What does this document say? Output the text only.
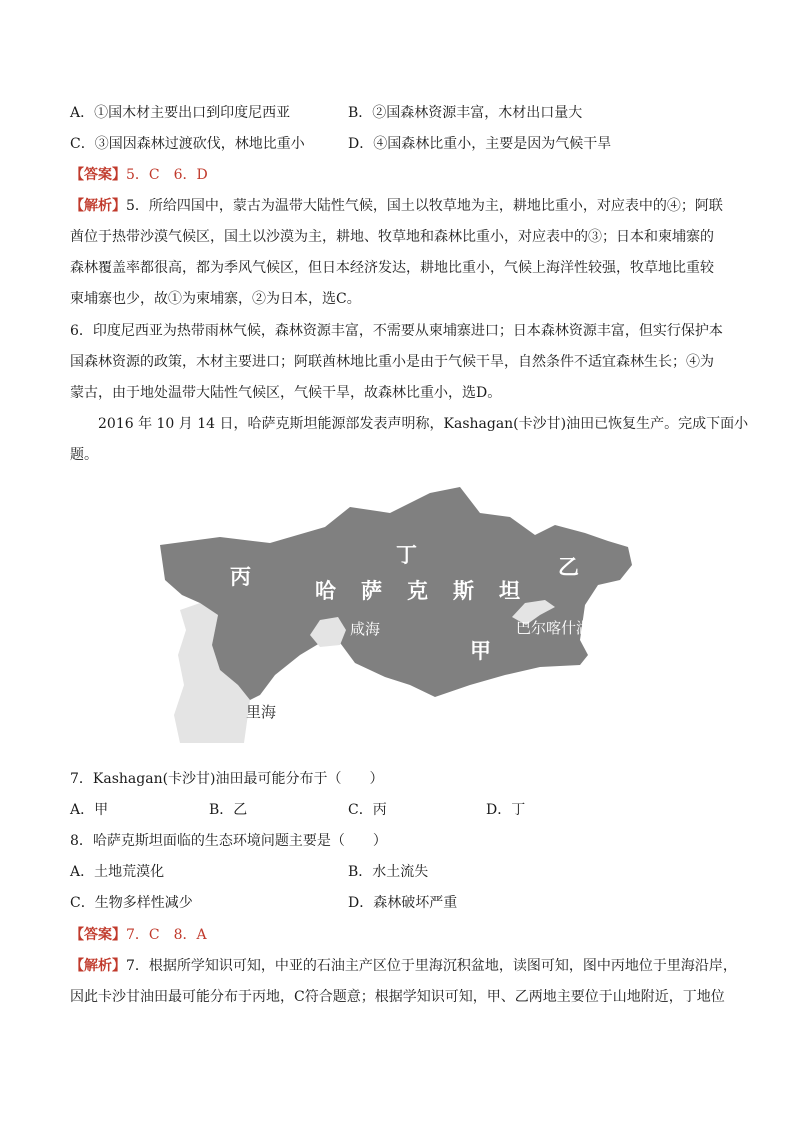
A．①国木材主要出口到印度尼西亚	B．②国森林资源丰富，木材出口量大
C．③国因森林过渡砍伐，林地比重小	D．④国森林比重小，主要是因为气候干旱
【答案】5．C　6．D
【解析】5．所给四国中，蒙古为温带大陆性气候，国土以牧草地为主，耕地比重小，对应表中的④；阿联
酋位于热带沙漠气候区，国土以沙漠为主，耕地、牧草地和森林比重小，对应表中的③；日本和柬埔寨的
森林覆盖率都很高，都为季风气候区，但日本经济发达，耕地比重小，气候上海洋性较强，牧草地比重较
柬埔寨也少，故①为柬埔寨，②为日本，选C。
6．印度尼西亚为热带雨林气候，森林资源丰富，不需要从柬埔寨进口；日本森林资源丰富，但实行保护本
国森林资源的政策，木材主要进口；阿联酋林地比重小是由于气候干旱，自然条件不适宜森林生长；④为
蒙古，由于地处温带大陆性气候区，气候干旱，故森林比重小，选D。
2016 年 10 月 14 日，哈萨克斯坦能源部发表声明称，Kashagan(卡沙甘)油田已恢复生产。完成下面小
题。
丙
丁	乙
甲
哈　萨　克　斯　坦
咸海	巴尔喀什湖
里海
7．Kashagan(卡沙甘)油田最可能分布于（　　）
A．甲	B．乙	C．丙	D．丁
8．哈萨克斯坦面临的生态环境问题主要是（　　）
A．土地荒漠化	B．水土流失
C．生物多样性减少	D．森林破坏严重
【答案】7．C　8．A
【解析】7．根据所学知识可知，中亚的石油主产区位于里海沉积盆地，读图可知，图中丙地位于里海沿岸，
因此卡沙甘油田最可能分布于丙地，C符合题意；根据学知识可知，甲、乙两地主要位于山地附近，丁地位
